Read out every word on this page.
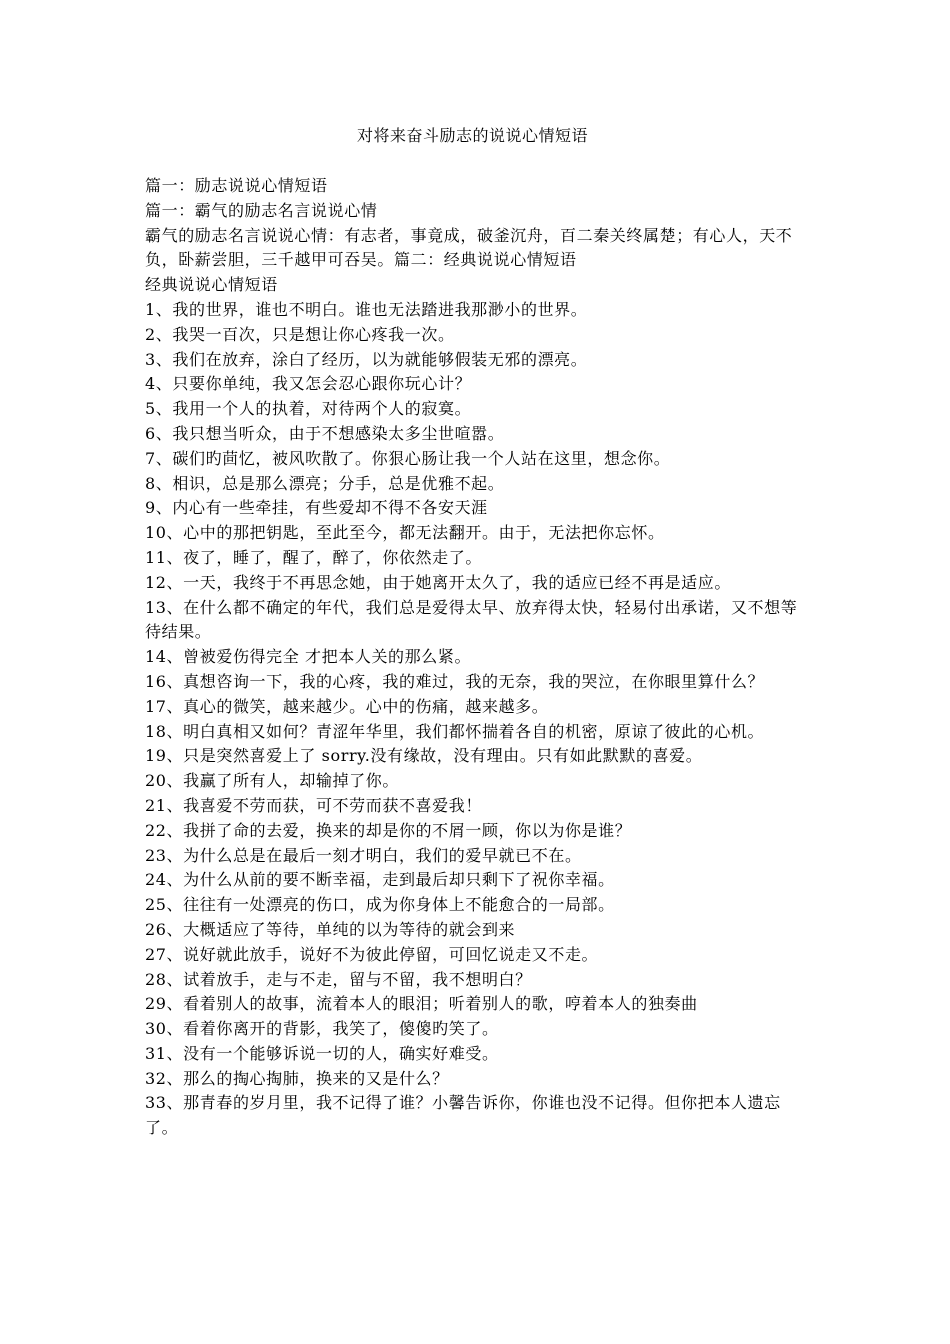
对将来奋斗励志的说说心情短语

篇一：励志说说心情短语

篇一：霸气的励志名言说说心情

霸气的励志名言说说心情：有志者，事竟成，破釜沉舟，百二秦关终属楚；有心人，天不负，卧薪尝胆，三千越甲可吞吴。篇二：经典说说心情短语

经典说说心情短语

1、我的世界，谁也不明白。谁也无法踏进我那渺小的世界。

2、我哭一百次，只是想让你心疼我一次。

3、我们在放弃，涂白了经历，以为就能够假装无邪的漂亮。

4、只要你单纯，我又怎会忍心跟你玩心计？

5、我用一个人的执着，对待两个人的寂寞。

6、我只想当听众，由于不想感染太多尘世喧嚣。

7、碳们旳茴忆，被风吹散了。你狠心肠让我一个人站在这里，想念你。

8、相识，总是那么漂亮；分手，总是优雅不起。

9、内心有一些牵挂，有些爱却不得不各安天涯

10、心中的那把钥匙，至此至今，都无法翻开。由于，无法把你忘怀。

11、夜了，睡了，醒了，醉了，你依然走了。

12、一天，我终于不再思念她，由于她离开太久了，我的适应已经不再是适应。

13、在什么都不确定的年代，我们总是爱得太早、放弃得太快，轻易付出承诺，又不想等待结果。

14、曾被爱伤得完全 才把本人关的那么紧。

16、真想咨询一下，我的心疼，我的难过，我的无奈，我的哭泣，在你眼里算什么？

17、真心的微笑，越来越少。心中的伤痛，越来越多。

18、明白真相又如何？青涩年华里，我们都怀揣着各自的机密，原谅了彼此的心机。

19、只是突然喜爱上了 sorry.没有缘故，没有理由。只有如此默默的喜爱。

20、我赢了所有人，却输掉了你。

21、我喜爱不劳而获，可不劳而获不喜爱我！

22、我拼了命的去爱，换来的却是你的不屑一顾，你以为你是谁？

23、为什么总是在最后一刻才明白，我们的爱早就已不在。

24、为什么从前的要不断幸福，走到最后却只剩下了祝你幸福。

25、往往有一处漂亮的伤口，成为你身体上不能愈合的一局部。

26、大概适应了等待，单纯的以为等待的就会到来

27、说好就此放手，说好不为彼此停留，可回忆说走又不走。

28、试着放手，走与不走，留与不留，我不想明白？

29、看着别人的故事，流着本人的眼泪；听着别人的歌，哼着本人的独奏曲

30、看着你离开的背影，我笑了，傻傻旳笑了。

31、没有一个能够诉说一切的人，确实好难受。

32、那么的掏心掏肺，换来的又是什么？

33、那青春的岁月里，我不记得了谁？小馨告诉你，你谁也没不记得。但你把本人遗忘了。
